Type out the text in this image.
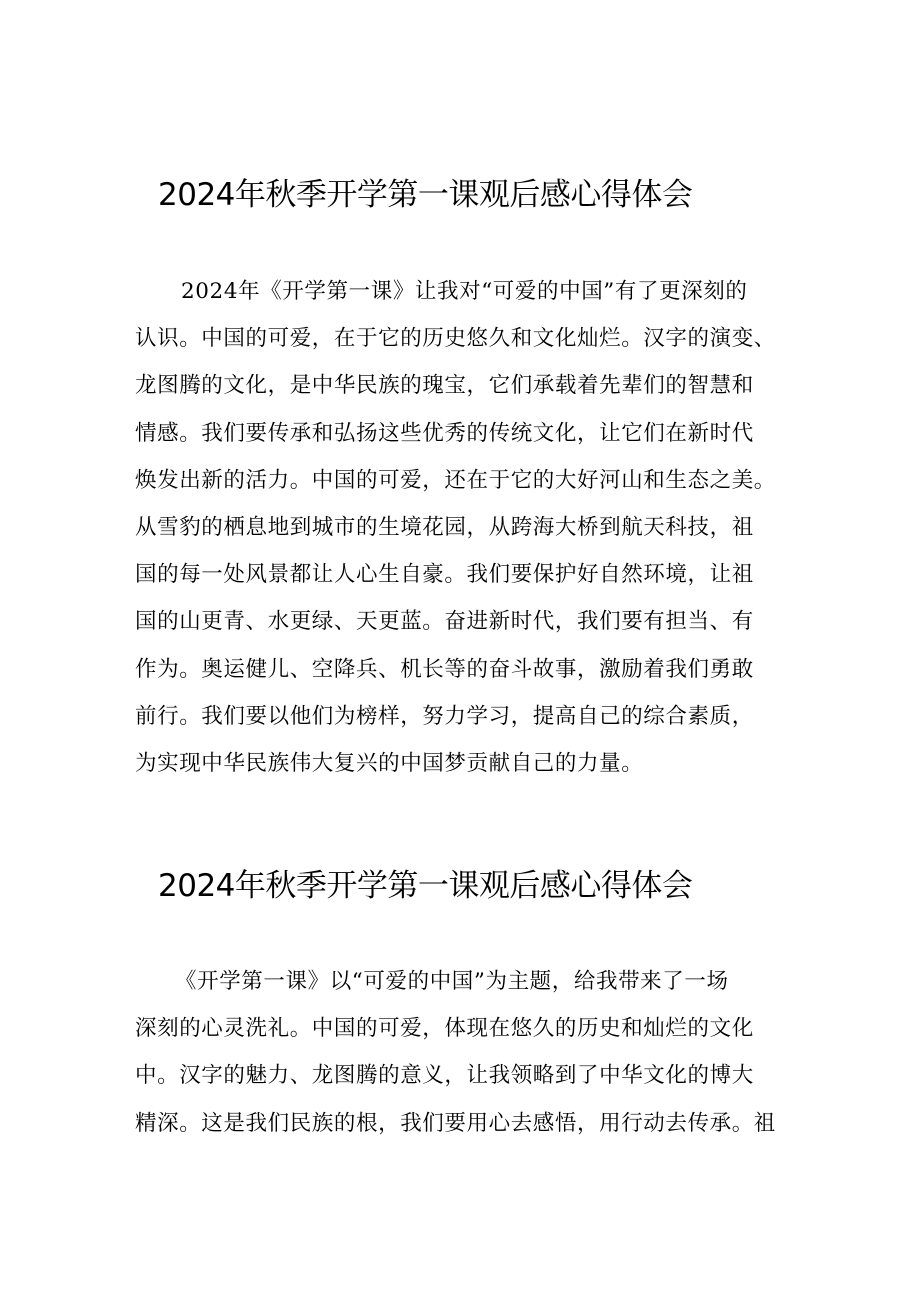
2024年秋季开学第一课观后感心得体会
2024年《开学第一课》让我对“可爱的中国”有了更深刻的
认识。中国的可爱，在于它的历史悠久和文化灿烂。汉字的演变、
龙图腾的文化，是中华民族的瑰宝，它们承载着先辈们的智慧和
情感。我们要传承和弘扬这些优秀的传统文化，让它们在新时代
焕发出新的活力。中国的可爱，还在于它的大好河山和生态之美。
从雪豹的栖息地到城市的生境花园，从跨海大桥到航天科技，祖
国的每一处风景都让人心生自豪。我们要保护好自然环境，让祖
国的山更青、水更绿、天更蓝。奋进新时代，我们要有担当、有
作为。奥运健儿、空降兵、机长等的奋斗故事，激励着我们勇敢
前行。我们要以他们为榜样，努力学习，提高自己的综合素质，
为实现中华民族伟大复兴的中国梦贡献自己的力量。
2024年秋季开学第一课观后感心得体会
《开学第一课》以“可爱的中国”为主题，给我带来了一场
深刻的心灵洗礼。中国的可爱，体现在悠久的历史和灿烂的文化
中。汉字的魅力、龙图腾的意义，让我领略到了中华文化的博大
精深。这是我们民族的根，我们要用心去感悟，用行动去传承。祖
